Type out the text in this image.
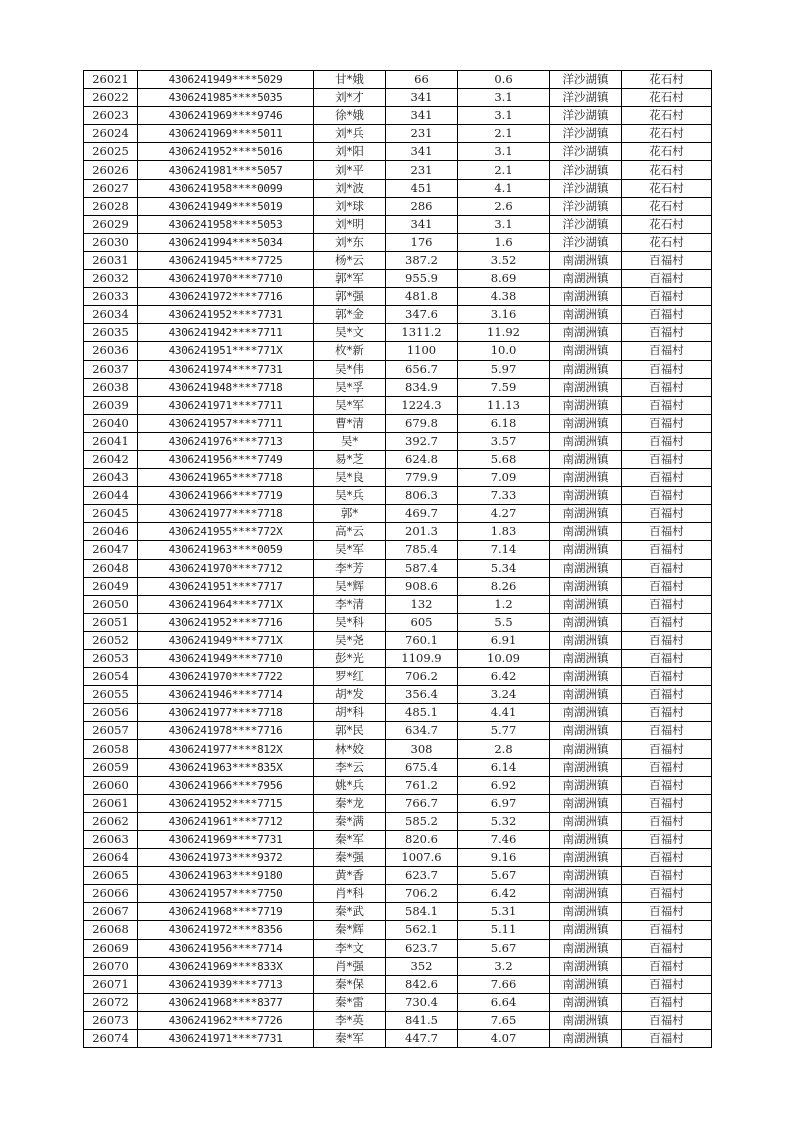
26021	4306241949****5029	甘*娥	66	0.6	洋沙湖镇	花石村
26022	4306241985****5035	刘*才	341	3.1	洋沙湖镇	花石村
26023	4306241969****9746	徐*娥	341	3.1	洋沙湖镇	花石村
26024	4306241969****5011	刘*兵	231	2.1	洋沙湖镇	花石村
26025	4306241952****5016	刘*阳	341	3.1	洋沙湖镇	花石村
26026	4306241981****5057	刘*平	231	2.1	洋沙湖镇	花石村
26027	4306241958****0099	刘*波	451	4.1	洋沙湖镇	花石村
26028	4306241949****5019	刘*球	286	2.6	洋沙湖镇	花石村
26029	4306241958****5053	刘*明	341	3.1	洋沙湖镇	花石村
26030	4306241994****5034	刘*东	176	1.6	洋沙湖镇	花石村
26031	4306241945****7725	杨*云	387.2	3.52	南湖洲镇	百福村
26032	4306241970****7710	郭*军	955.9	8.69	南湖洲镇	百福村
26033	4306241972****7716	郭*强	481.8	4.38	南湖洲镇	百福村
26034	4306241952****7731	郭*金	347.6	3.16	南湖洲镇	百福村
26035	4306241942****7711	吴*文	1311.2	11.92	南湖洲镇	百福村
26036	4306241951****771X	枚*新	1100	10.0	南湖洲镇	百福村
26037	4306241974****7731	吴*伟	656.7	5.97	南湖洲镇	百福村
26038	4306241948****7718	吴*孚	834.9	7.59	南湖洲镇	百福村
26039	4306241971****7711	吴*军	1224.3	11.13	南湖洲镇	百福村
26040	4306241957****7711	曹*清	679.8	6.18	南湖洲镇	百福村
26041	4306241976****7713	吴*	392.7	3.57	南湖洲镇	百福村
26042	4306241956****7749	易*芝	624.8	5.68	南湖洲镇	百福村
26043	4306241965****7718	吴*良	779.9	7.09	南湖洲镇	百福村
26044	4306241966****7719	吴*兵	806.3	7.33	南湖洲镇	百福村
26045	4306241977****7718	郭*	469.7	4.27	南湖洲镇	百福村
26046	4306241955****772X	高*云	201.3	1.83	南湖洲镇	百福村
26047	4306241963****0059	吴*军	785.4	7.14	南湖洲镇	百福村
26048	4306241970****7712	李*芳	587.4	5.34	南湖洲镇	百福村
26049	4306241951****7717	吴*辉	908.6	8.26	南湖洲镇	百福村
26050	4306241964****771X	李*清	132	1.2	南湖洲镇	百福村
26051	4306241952****7716	吴*科	605	5.5	南湖洲镇	百福村
26052	4306241949****771X	吴*尧	760.1	6.91	南湖洲镇	百福村
26053	4306241949****7710	彭*光	1109.9	10.09	南湖洲镇	百福村
26054	4306241970****7722	罗*红	706.2	6.42	南湖洲镇	百福村
26055	4306241946****7714	胡*发	356.4	3.24	南湖洲镇	百福村
26056	4306241977****7718	胡*科	485.1	4.41	南湖洲镇	百福村
26057	4306241978****7716	郭*民	634.7	5.77	南湖洲镇	百福村
26058	4306241977****812X	林*姣	308	2.8	南湖洲镇	百福村
26059	4306241963****835X	李*云	675.4	6.14	南湖洲镇	百福村
26060	4306241966****7956	姚*兵	761.2	6.92	南湖洲镇	百福村
26061	4306241952****7715	秦*龙	766.7	6.97	南湖洲镇	百福村
26062	4306241961****7712	秦*满	585.2	5.32	南湖洲镇	百福村
26063	4306241969****7731	秦*军	820.6	7.46	南湖洲镇	百福村
26064	4306241973****9372	秦*强	1007.6	9.16	南湖洲镇	百福村
26065	4306241963****9180	黄*香	623.7	5.67	南湖洲镇	百福村
26066	4306241957****7750	肖*科	706.2	6.42	南湖洲镇	百福村
26067	4306241968****7719	秦*武	584.1	5.31	南湖洲镇	百福村
26068	4306241972****8356	秦*辉	562.1	5.11	南湖洲镇	百福村
26069	4306241956****7714	李*文	623.7	5.67	南湖洲镇	百福村
26070	4306241969****833X	肖*强	352	3.2	南湖洲镇	百福村
26071	4306241939****7713	秦*保	842.6	7.66	南湖洲镇	百福村
26072	4306241968****8377	秦*雷	730.4	6.64	南湖洲镇	百福村
26073	4306241962****7726	李*英	841.5	7.65	南湖洲镇	百福村
26074	4306241971****7731	秦*军	447.7	4.07	南湖洲镇	百福村
